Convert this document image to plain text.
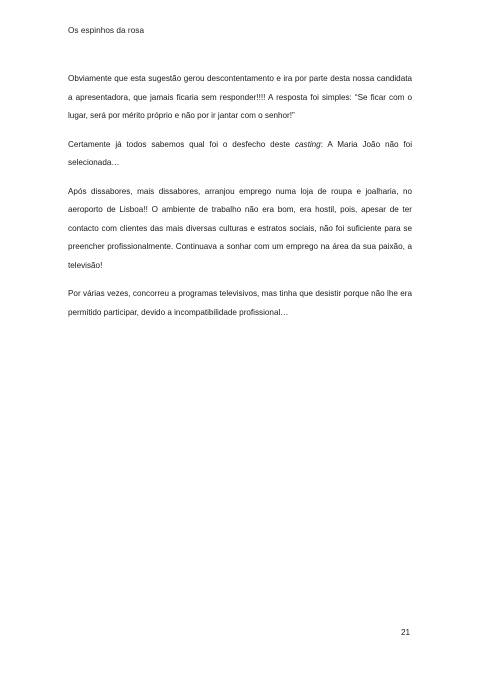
Os espinhos da rosa

Obviamente que esta sugestão gerou descontentamento e ira por parte desta nossa candidata a apresentadora, que jamais ficaria sem responder!!!! A resposta foi simples: “Se ficar com o lugar, será por mérito próprio e não por ir jantar com o senhor!”

Certamente já todos sabemos qual foi o desfecho deste casting: A Maria João não foi selecionada…

Após dissabores, mais dissabores, arranjou emprego numa loja de roupa e joalharia, no aeroporto de Lisboa!! O ambiente de trabalho não era bom, era hostil, pois, apesar de ter contacto com clientes das mais diversas culturas e estratos sociais, não foi suficiente para se preencher profissionalmente. Continuava a sonhar com um emprego na área da sua paixão, a televisão!

Por várias vezes, concorreu a programas televisivos, mas tinha que desistir porque não lhe era permitido participar, devido a incompatibilidade profissional…

21
